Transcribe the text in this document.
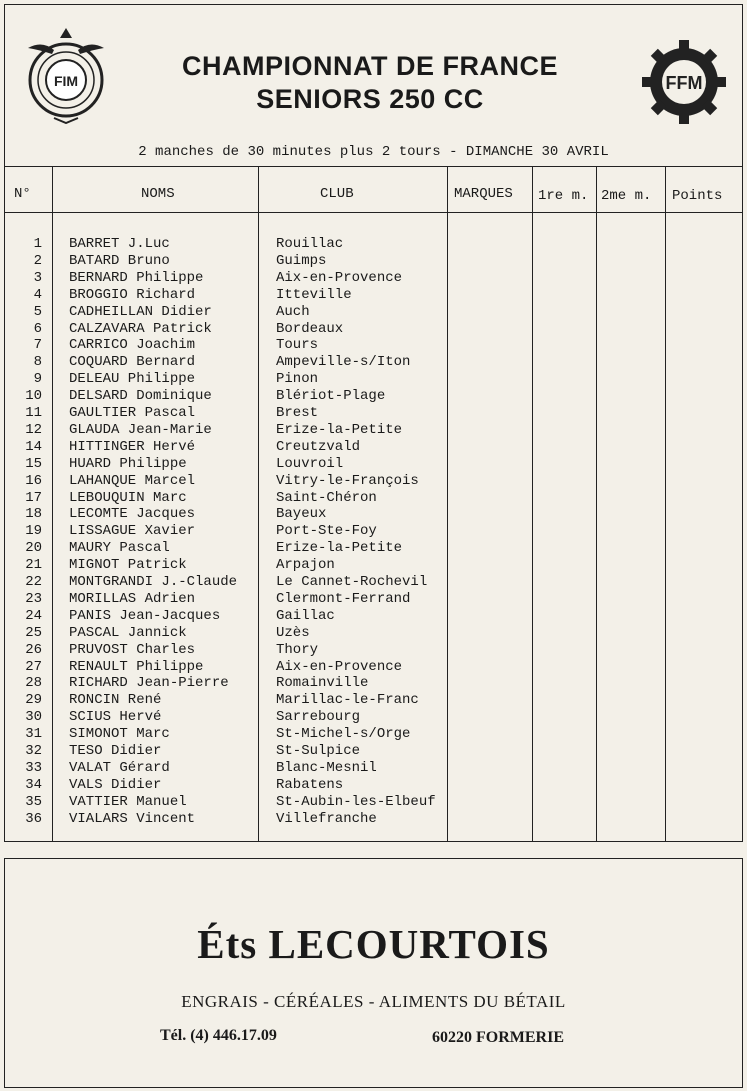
FIM	CHAMPIONNAT DE FRANCE
SENIORS 250 CC
FFM
2 manches de 30 minutes plus 2 tours - DIMANCHE 30 AVRIL
N°	NOMS	CLUB	MARQUES 1re m. 2me m. Points
1 BARRET J.Luc	Rouillac
2 BATARD Bruno	Guimps
3 BERNARD Philippe	Aix-en-Provence
4 BROGGIO Richard	Itteville
5 CADHEILLAN Didier	Auch
6 CALZAVARA Patrick	Bordeaux
7 CARRICO Joachim	Tours
8 COQUARD Bernard	Ampeville-s/Iton
9 DELEAU Philippe	Pinon
10 DELSARD Dominique	Blériot-Plage
11 GAULTIER Pascal	Brest
12 GLAUDA Jean-Marie	Erize-la-Petite
14 HITTINGER Hervé	Creutzvald
15 HUARD Philippe	Louvroil
16 LAHANQUE Marcel	Vitry-le-François
17 LEBOUQUIN Marc	Saint-Chéron
18 LECOMTE Jacques	Bayeux
19 LISSAGUE Xavier	Port-Ste-Foy
20 MAURY Pascal	Erize-la-Petite
21 MIGNOT Patrick	Arpajon
22 MONTGRANDI J.-Claude	Le Cannet-Rochevil
23 MORILLAS Adrien	Clermont-Ferrand
24 PANIS Jean-Jacques	Gaillac
25 PASCAL Jannick	Uzès
26 PRUVOST Charles	Thory
27 RENAULT Philippe	Aix-en-Provence
28 RICHARD Jean-Pierre	Romainville
29 RONCIN René	Marillac-le-Franc
30 SCIUS Hervé	Sarrebourg
31 SIMONOT Marc	St-Michel-s/Orge
32 TESO Didier	St-Sulpice
33 VALAT Gérard	Blanc-Mesnil
34 VALS Didier	Rabatens
35 VATTIER Manuel	St-Aubin-les-Elbeuf
36 VIALARS Vincent	Villefranche
Éts LECOURTOIS
ENGRAIS - CÉRÉALES - ALIMENTS DU BÉTAIL
Tél. (4) 446.17.09	60220 FORMERIE
